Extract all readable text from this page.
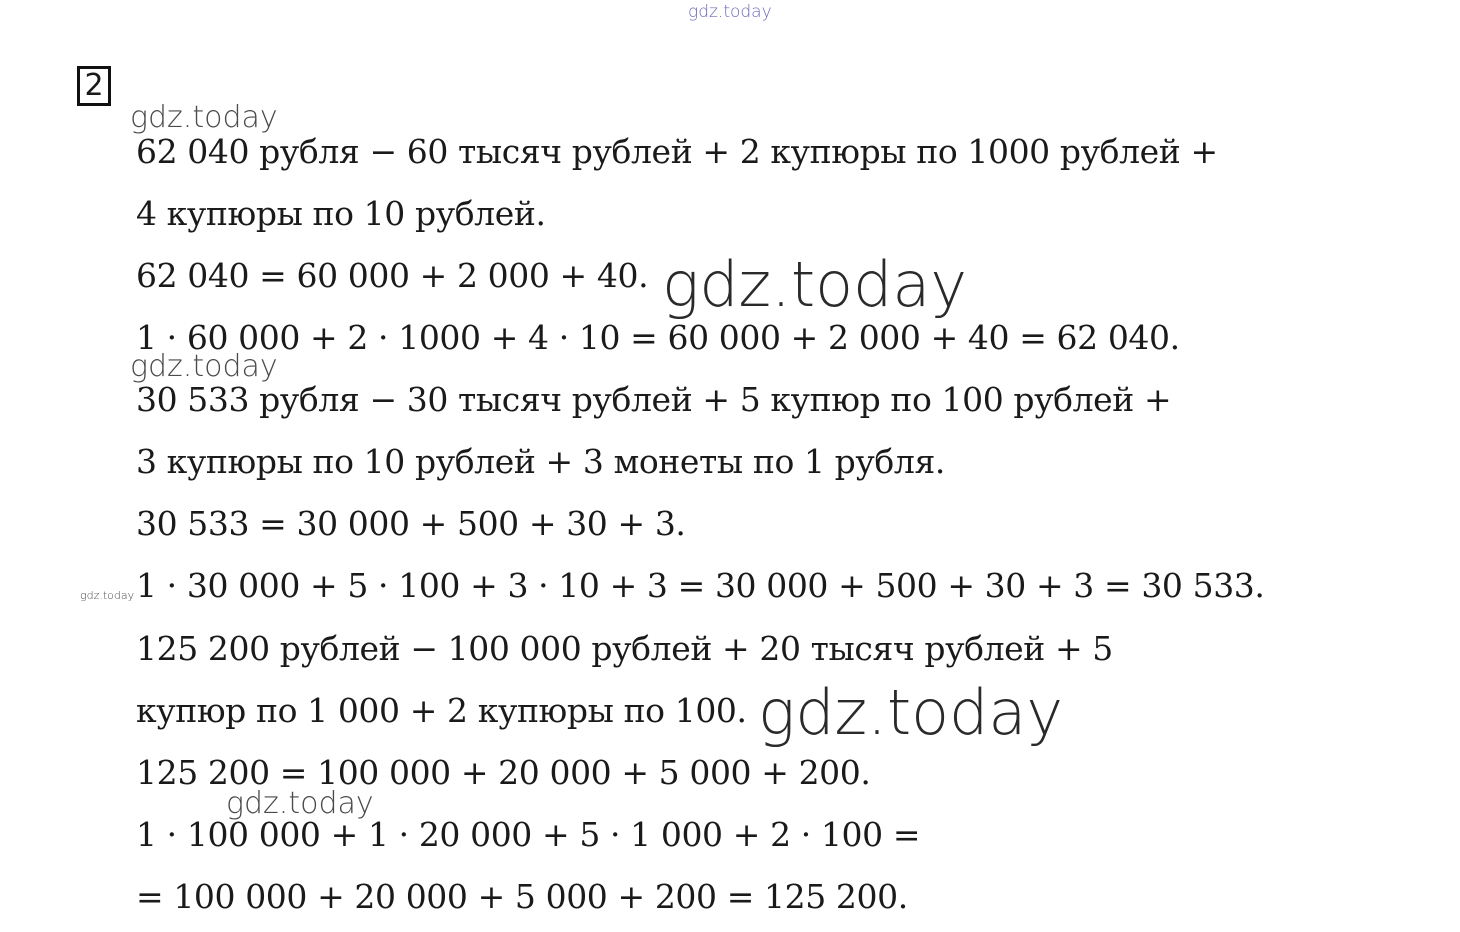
gdz.today
2
gdz.today
62 040 рубля − 60 тысяч рублей + 2 купюры по 1000 рублей +
4 купюры по 10 рублей.
62 040 = 60 000 + 2 000 + 40. gdz.today
1 · 60 000 + 2 · 1000 + 4 · 10 = 60 000 + 2 000 + 40 = 62 040.
gdz.today
30 533 рубля − 30 тысяч рублей + 5 купюр по 100 рублей +
3 купюры по 10 рублей + 3 монеты по 1 рубля.
30 533 = 30 000 + 500 + 30 + 3.
gdz.today 1 · 30 000 + 5 · 100 + 3 · 10 + 3 = 30 000 + 500 + 30 + 3 = 30 533.
125 200 рублей − 100 000 рублей + 20 тысяч рублей + 5
купюр по 1 000 + 2 купюры по 100. gdz.today
125 200 = 100 000 + 20 000 + 5 000 + 200.
gdz.today
1 · 100 000 + 1 · 20 000 + 5 · 1 000 + 2 · 100 =
= 100 000 + 20 000 + 5 000 + 200 = 125 200.
